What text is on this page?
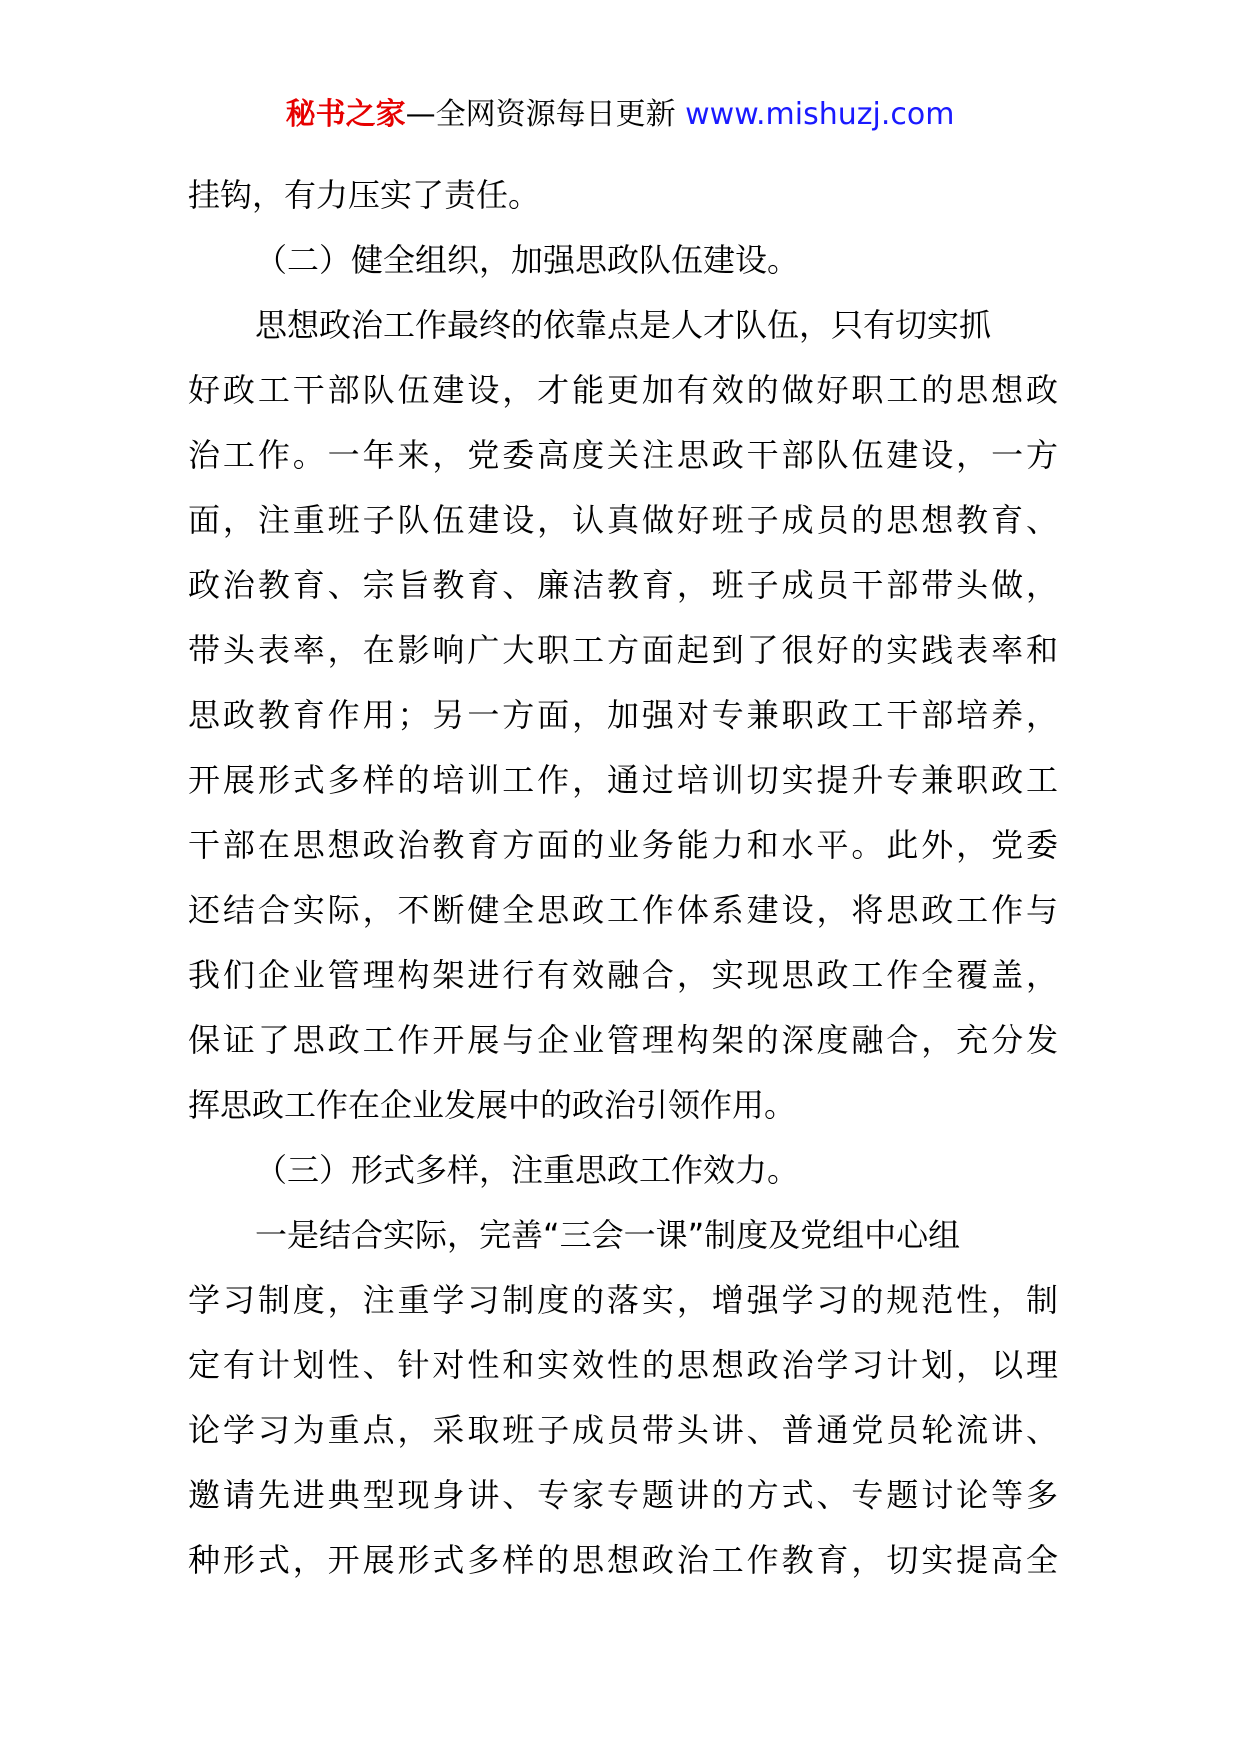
秘书之家—全网资源每日更新 www.mishuzj.com
挂钩，有力压实了责任。
（二）健全组织，加强思政队伍建设。
思想政治工作最终的依靠点是人才队伍，只有切实抓
好政工干部队伍建设，才能更加有效的做好职工的思想政
治工作。一年来，党委高度关注思政干部队伍建设，一方
面，注重班子队伍建设，认真做好班子成员的思想教育、
政治教育、宗旨教育、廉洁教育，班子成员干部带头做，
带头表率，在影响广大职工方面起到了很好的实践表率和
思政教育作用；另一方面，加强对专兼职政工干部培养，
开展形式多样的培训工作，通过培训切实提升专兼职政工
干部在思想政治教育方面的业务能力和水平。此外，党委
还结合实际，不断健全思政工作体系建设，将思政工作与
我们企业管理构架进行有效融合，实现思政工作全覆盖，
保证了思政工作开展与企业管理构架的深度融合，充分发
挥思政工作在企业发展中的政治引领作用。
（三）形式多样，注重思政工作效力。
一是结合实际，完善“三会一课”制度及党组中心组
学习制度，注重学习制度的落实，增强学习的规范性，制
定有计划性、针对性和实效性的思想政治学习计划，以理
论学习为重点，采取班子成员带头讲、普通党员轮流讲、
邀请先进典型现身讲、专家专题讲的方式、专题讨论等多
种形式，开展形式多样的思想政治工作教育，切实提高全
